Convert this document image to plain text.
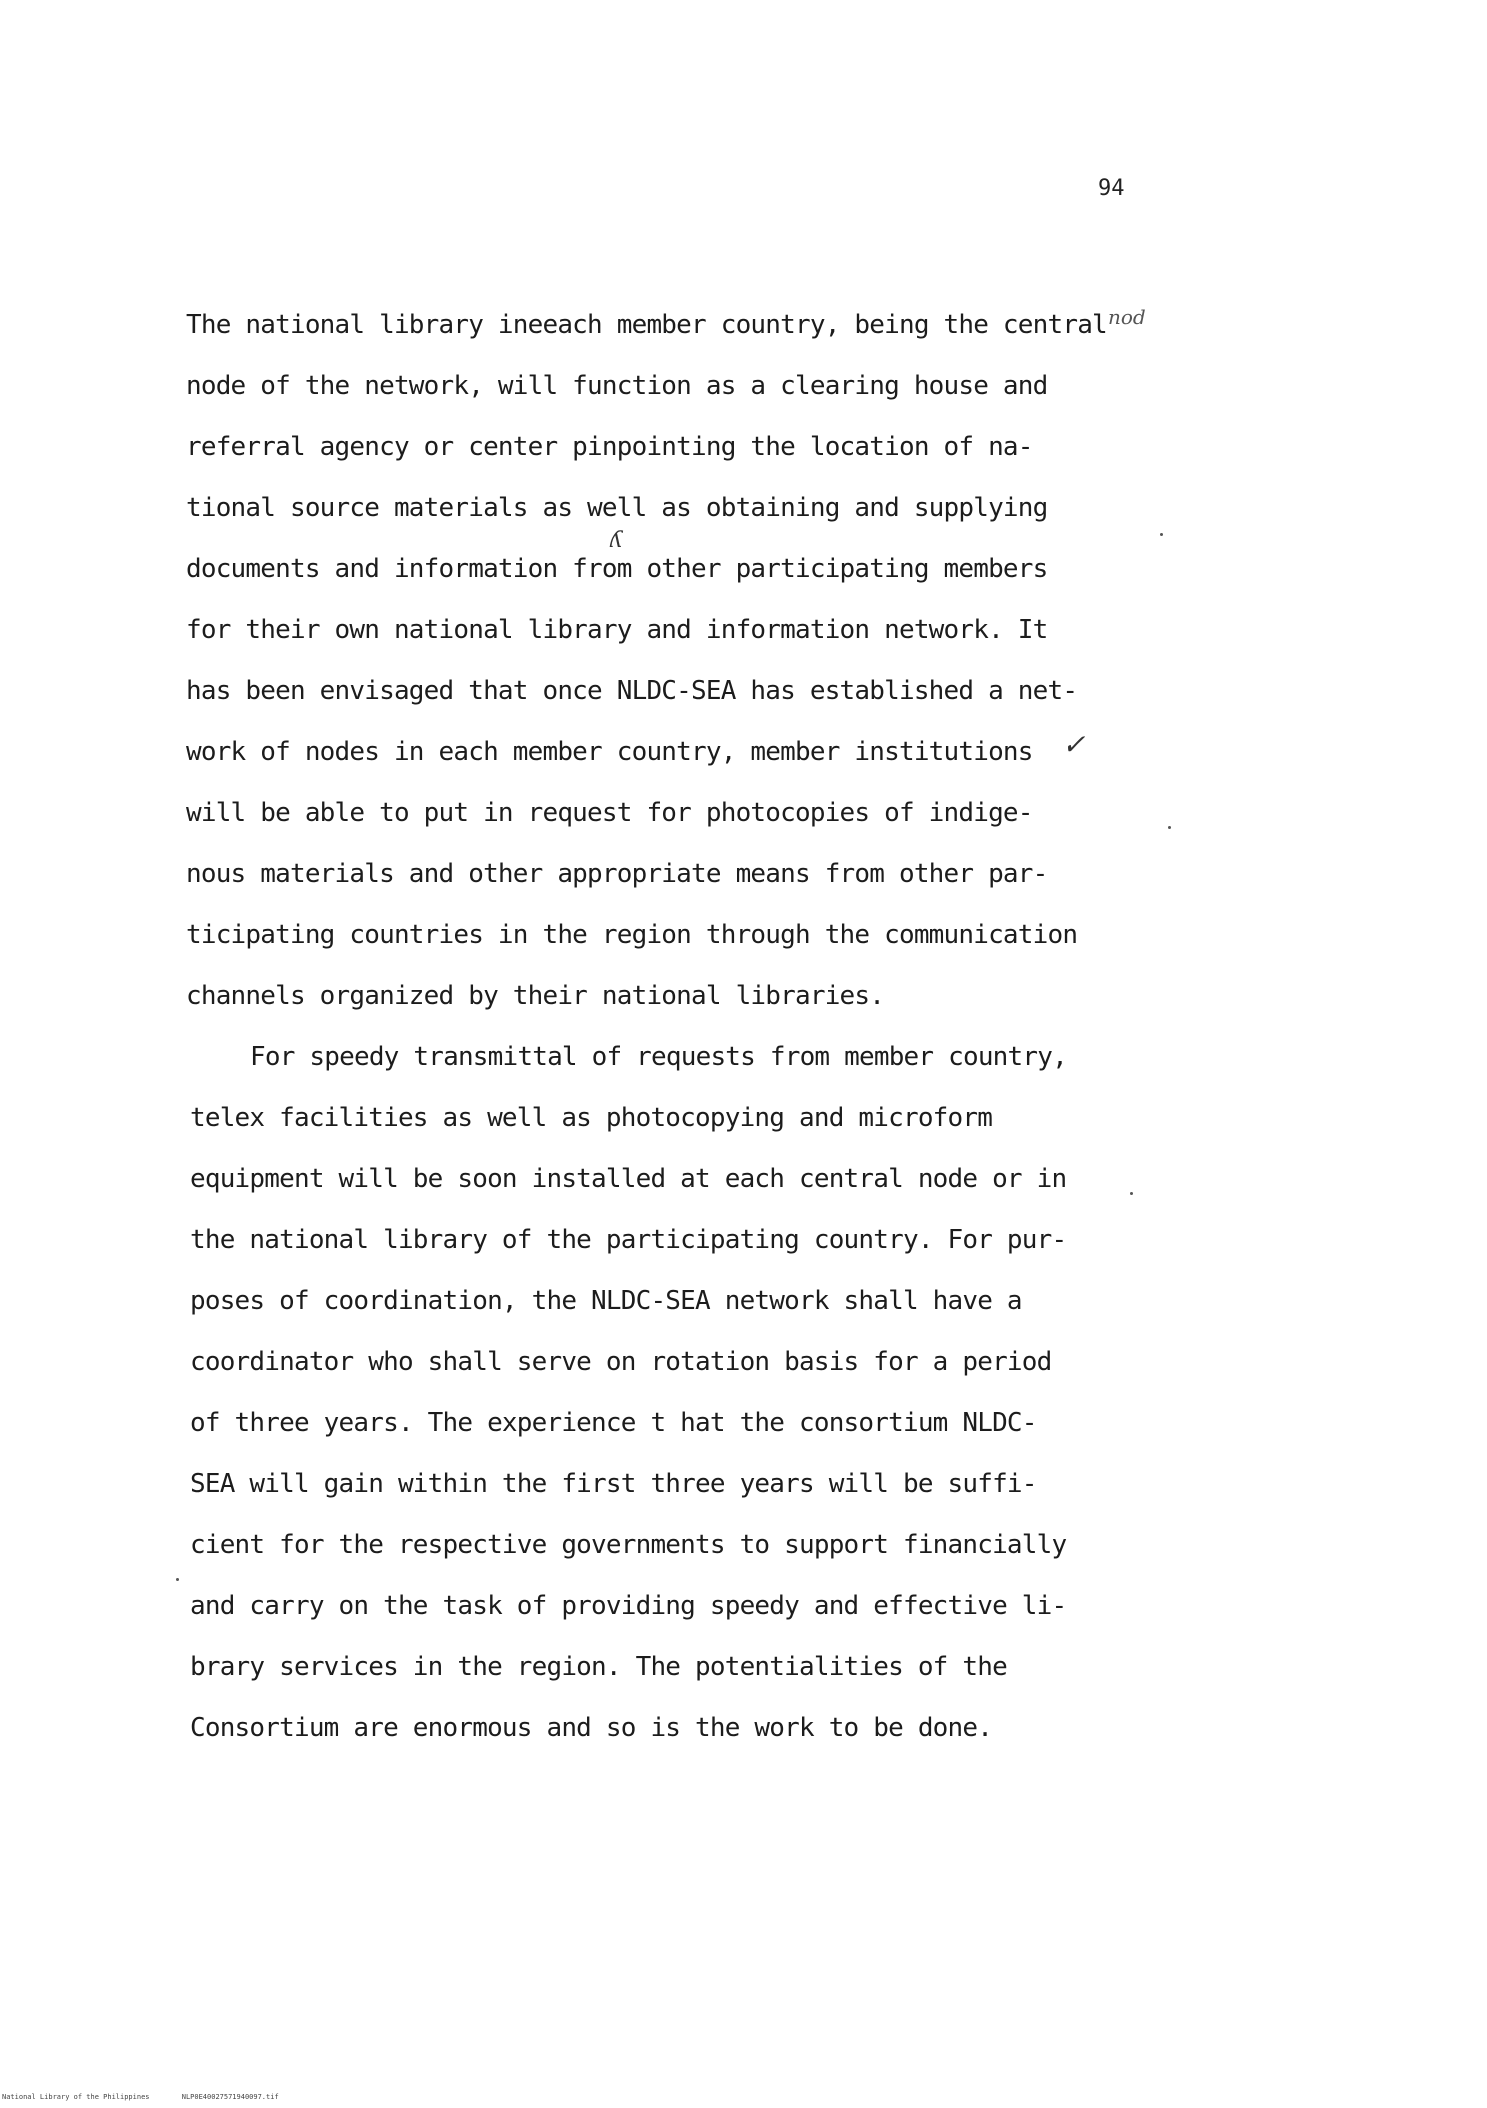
94
nod
The national library ineeach member country, being the central
node of the network, will function as a clearing house and
referral agency or center pinpointing the location of na-
tional source materials as well as obtaining and supplying
documents and information from other participating members
for their own national library and information network. It
has been envisaged that once NLDC-SEA has established a net-
work of nodes in each member country, member institutions
will be able to put in request for photocopies of indige-
nous materials and other appropriate means from other par-
ticipating countries in the region through the communication
channels organized by their national libraries.
✓
ʎ
For speedy transmittal of requests from member country,
telex facilities as well as photocopying and microform
equipment will be soon installed at each central node or in
the national library of the participating country. For pur-
poses of coordination, the NLDC-SEA network shall have a
coordinator who shall serve on rotation basis for a period
of three years. The experience t hat the consortium NLDC-
SEA will gain within the first three years will be suffi-
cient for the respective governments to support financially
and carry on the task of providing speedy and effective li-
brary services in the region. The potentialities of the
Consortium are enormous and so is the work to be done.
National Library of the Philippines	NLP0E40027571940097.tif
